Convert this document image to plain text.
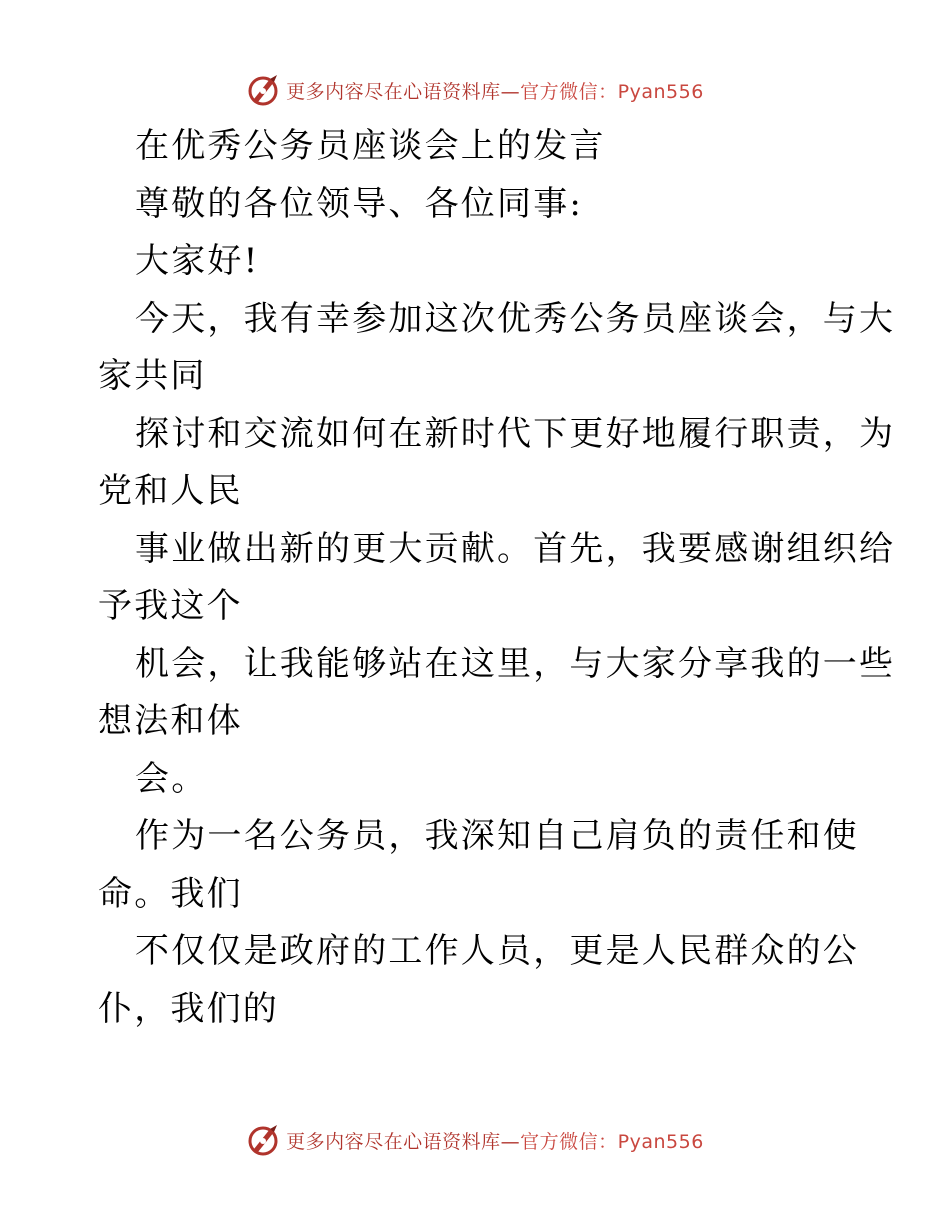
更多内容尽在心语资料库—官方微信：Pyan556
在优秀公务员座谈会上的发言
尊敬的各位领导、各位同事:
大家好!
今天，我有幸参加这次优秀公务员座谈会，与大
家共同
探讨和交流如何在新时代下更好地履行职责，为
党和人民
事业做出新的更大贡献。首先，我要感谢组织给
予我这个
机会，让我能够站在这里，与大家分享我的一些
想法和体
会。
作为一名公务员，我深知自己肩负的责任和使
命。我们
不仅仅是政府的工作人员，更是人民群众的公
仆，我们的
更多内容尽在心语资料库—官方微信：Pyan556
